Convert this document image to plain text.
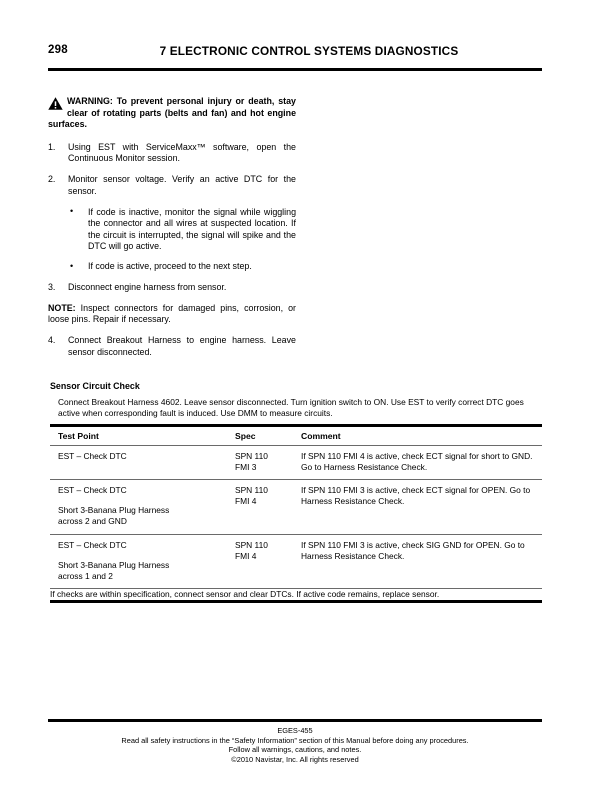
298	7 ELECTRONIC CONTROL SYSTEMS DIAGNOSTICS

WARNING: To prevent personal injury or death, stay clear of rotating parts (belts and fan) and hot engine surfaces.

1.	Using EST with ServiceMaxx™ software, open the Continuous Monitor session.
2.	Monitor sensor voltage. Verify an active DTC for the sensor.
• If code is inactive, monitor the signal while wiggling the connector and all wires at suspected location. If the circuit is interrupted, the signal will spike and the DTC will go active.
• If code is active, proceed to the next step.
3.	Disconnect engine harness from sensor.

NOTE: Inspect connectors for damaged pins, corrosion, or loose pins. Repair if necessary.

4.	Connect Breakout Harness to engine harness. Leave sensor disconnected.
Sensor Circuit Check
Connect Breakout Harness 4602. Leave sensor disconnected. Turn ignition switch to ON. Use EST to verify correct DTC goes active when corresponding fault is induced. Use DMM to measure circuits.

Test Point	Spec	Comment

EST – Check DTC	SPN 110
FMI 3	If SPN 110 FMI 4 is active, check ECT signal for short to GND. Go to Harness Resistance Check.

EST – Check DTC
Short 3-Banana Plug Harness
across 2 and GND	SPN 110
FMI 4	If SPN 110 FMI 3 is active, check ECT signal for OPEN. Go to Harness Resistance Check.

EST – Check DTC
Short 3-Banana Plug Harness
across 1 and 2	SPN 110
FMI 4	If SPN 110 FMI 3 is active, check SIG GND for OPEN. Go to Harness Resistance Check.

If checks are within specification, connect sensor and clear DTCs. If active code remains, replace sensor.		

EGES-455
Read all safety instructions in the “Safety Information” section of this Manual before doing any procedures.
Follow all warnings, cautions, and notes.
©2010 Navistar, Inc. All rights reserved
